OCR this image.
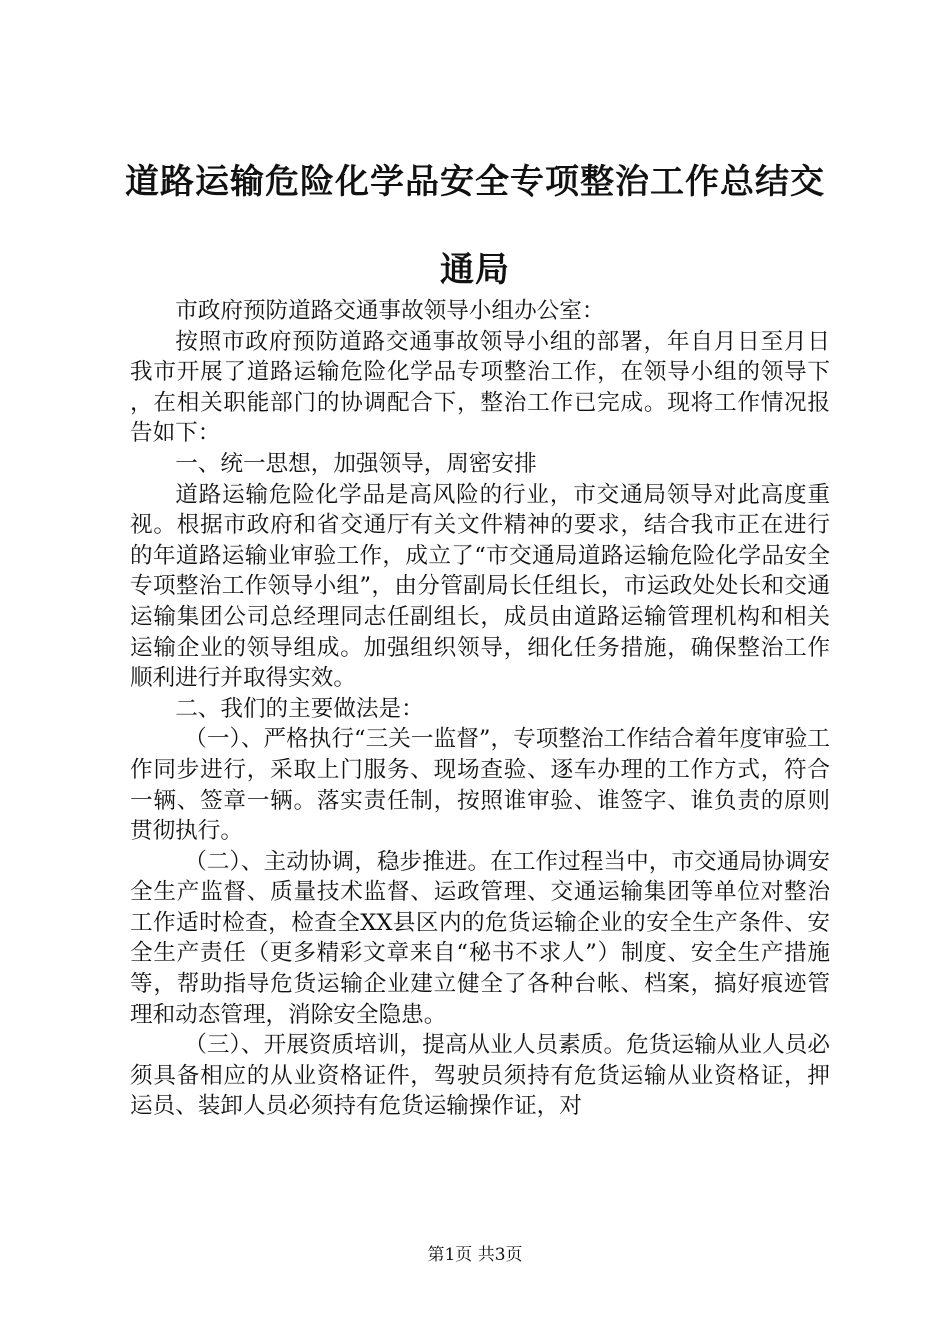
道路运输危险化学品安全专项整治工作总结交
通局

市政府预防道路交通事故领导小组办公室：

按照市政府预防道路交通事故领导小组的部署，年自月日至月日我市开展了道路运输危险化学品专项整治工作，在领导小组的领导下，在相关职能部门的协调配合下，整治工作已完成。现将工作情况报告如下：

一、统一思想，加强领导，周密安排

道路运输危险化学品是高风险的行业，市交通局领导对此高度重视。根据市政府和省交通厅有关文件精神的要求，结合我市正在进行的年道路运输业审验工作，成立了“市交通局道路运输危险化学品安全专项整治工作领导小组”，由分管副局长任组长，市运政处处长和交通运输集团公司总经理同志任副组长，成员由道路运输管理机构和相关运输企业的领导组成。加强组织领导，细化任务措施，确保整治工作顺利进行并取得实效。

二、我们的主要做法是：

（一）、严格执行“三关一监督”，专项整治工作结合着年度审验工作同步进行，采取上门服务、现场查验、逐车办理的工作方式，符合一辆、签章一辆。落实责任制，按照谁审验、谁签字、谁负责的原则贯彻执行。

（二）、主动协调，稳步推进。在工作过程当中，市交通局协调安全生产监督、质量技术监督、运政管理、交通运输集团等单位对整治工作适时检查，检查全XX县区内的危货运输企业的安全生产条件、安全生产责任（更多精彩文章来自“秘书不求人”）制度、安全生产措施等，帮助指导危货运输企业建立健全了各种台帐、档案，搞好痕迹管理和动态管理，消除安全隐患。

（三）、开展资质培训，提高从业人员素质。危货运输从业人员必须具备相应的从业资格证件，驾驶员须持有危货运输从业资格证，押运员、装卸人员必须持有危货运输操作证，对

第1页 共3页
